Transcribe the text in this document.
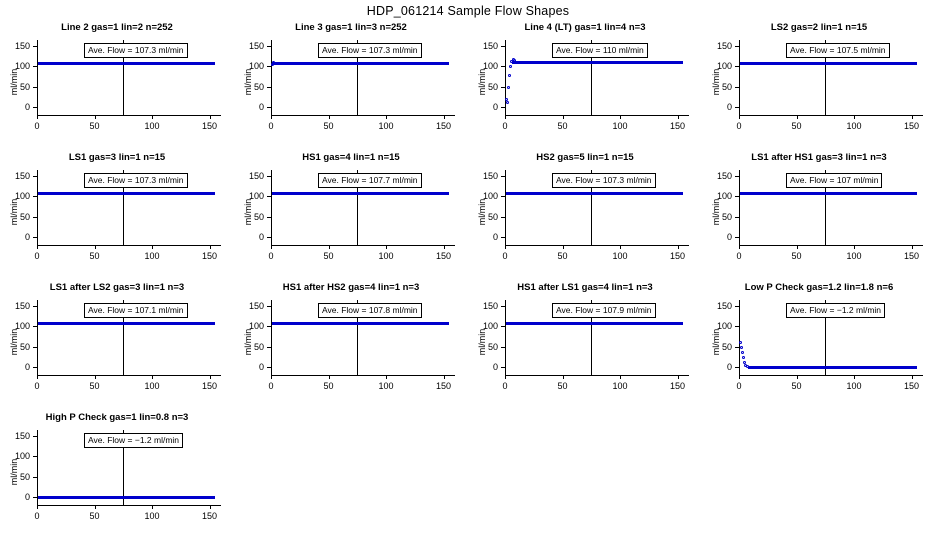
HDP_061214 Sample Flow Shapes
Line 2 gas=1 lin=2 n=252
ml/min
0	50	100	150
0
50
100
150	Ave. Flow = 107.3 ml/min
Line 3 gas=1 lin=3 n=252
ml/min
0	50	100	150
0
50
100
150	Ave. Flow = 107.3 ml/min
Line 4 (LT) gas=1 lin=4 n=3
ml/min
0	50	100	150
0
50
100
150	Ave. Flow = 110 ml/min
LS2 gas=2 lin=1 n=15
ml/min
0	50	100	150
0
50
100
150	Ave. Flow = 107.5 ml/min
LS1 gas=3 lin=1 n=15
ml/min
0	50	100	150
0
50
100
150	Ave. Flow = 107.3 ml/min
HS1 gas=4 lin=1 n=15
ml/min
0	50	100	150
0
50
100
150	Ave. Flow = 107.7 ml/min
HS2 gas=5 lin=1 n=15
ml/min
0	50	100	150
0
50
100
150	Ave. Flow = 107.3 ml/min
LS1 after HS1 gas=3 lin=1 n=3
ml/min
0	50	100	150
0
50
100
150	Ave. Flow = 107 ml/min
LS1 after LS2 gas=3 lin=1 n=3
ml/min
0	50	100	150
0
50
100
150	Ave. Flow = 107.1 ml/min
HS1 after HS2 gas=4 lin=1 n=3
ml/min
0	50	100	150
0
50
100
150	Ave. Flow = 107.8 ml/min
HS1 after LS1 gas=4 lin=1 n=3
ml/min
0	50	100	150
0
50
100
150	Ave. Flow = 107.9 ml/min
Low P Check gas=1.2 lin=1.8 n=6
ml/min
0	50	100	150
0
50
100
150	Ave. Flow = −1.2 ml/min
High P Check gas=1 lin=0.8 n=3
ml/min
0	50	100	150
0
50
100
150	Ave. Flow = −1.2 ml/min
